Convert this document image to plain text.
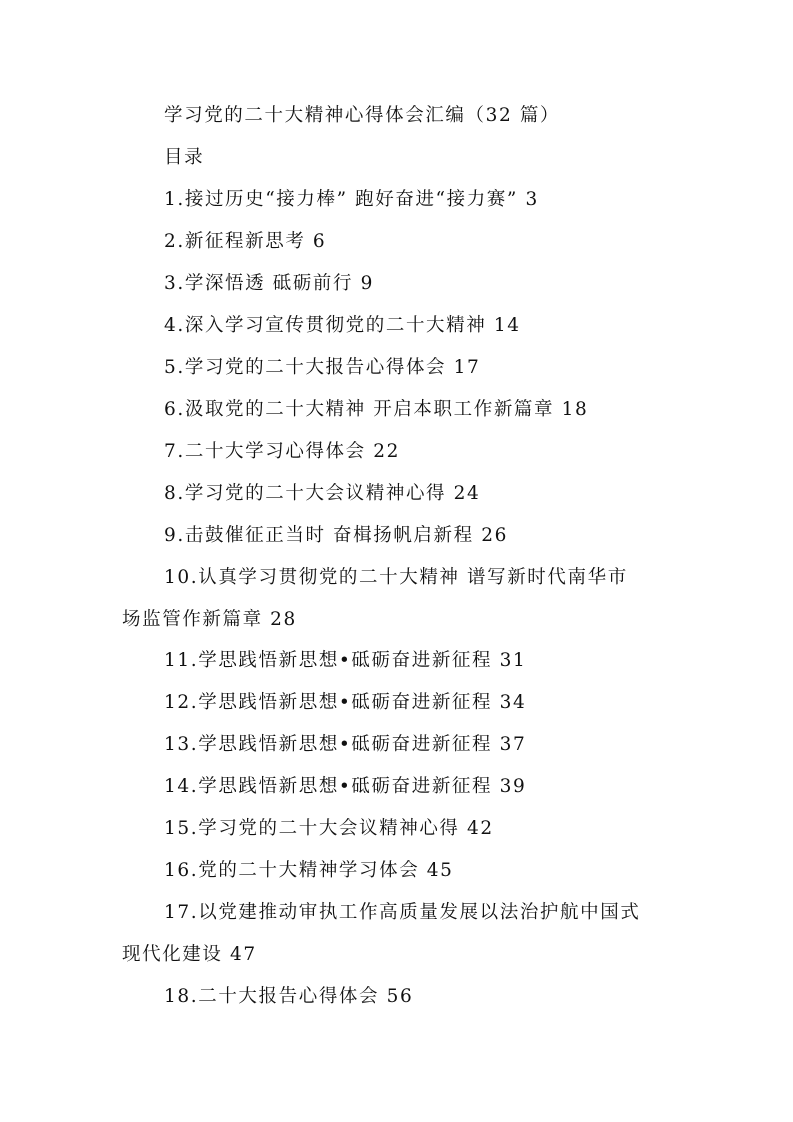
学习党的二十大精神心得体会汇编（32 篇）
目录
1.接过历史“接力棒” 跑好奋进“接力赛” 3
2.新征程新思考 6
3.学深悟透 砥砺前行 9
4.深入学习宣传贯彻党的二十大精神 14
5.学习党的二十大报告心得体会 17
6.汲取党的二十大精神 开启本职工作新篇章 18
7.二十大学习心得体会 22
8.学习党的二十大会议精神心得 24
9.击鼓催征正当时 奋楫扬帆启新程 26
10.认真学习贯彻党的二十大精神 谱写新时代南华市
场监管作新篇章 28
11.学思践悟新思想•砥砺奋进新征程 31
12.学思践悟新思想•砥砺奋进新征程 34
13.学思践悟新思想•砥砺奋进新征程 37
14.学思践悟新思想•砥砺奋进新征程 39
15.学习党的二十大会议精神心得 42
16.党的二十大精神学习体会 45
17.以党建推动审执工作高质量发展以法治护航中国式
现代化建设 47
18.二十大报告心得体会 56
